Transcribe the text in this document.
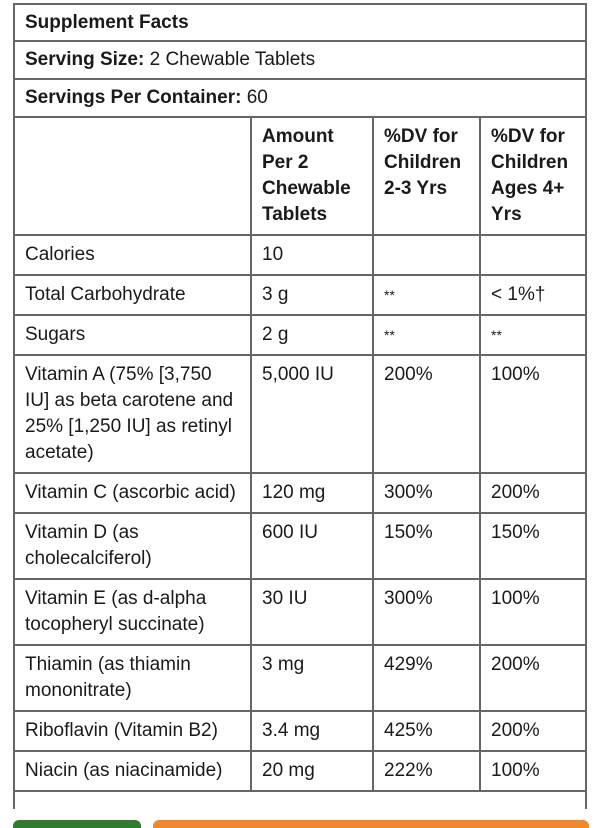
Supplement Facts
Serving Size:
2 Chewable Tablets
Servings Per Container:
60
	Amount Per 2 Chewable Tablets	%DV for Children 2-3 Yrs	%DV for Children Ages 4+ Yrs
Calories	10		
Total Carbohydrate	3 g	**	< 1%†
Sugars	2 g	**	**
Vitamin A (75% [3,750 IU] as beta carotene and 25% [1,250 IU] as retinyl acetate)	5,000 IU	200%	100%
Vitamin C (ascorbic acid)	120 mg	300%	200%
Vitamin D (as cholecalciferol)	600 IU	150%	150%
Vitamin E (as d-alpha tocopheryl succinate)	30 IU	300%	100%
Thiamin (as thiamin mononitrate)	3 mg	429%	200%
Riboflavin (Vitamin B2)	3.4 mg	425%	200%
Niacin (as niacinamide)	20 mg	222%	100%
